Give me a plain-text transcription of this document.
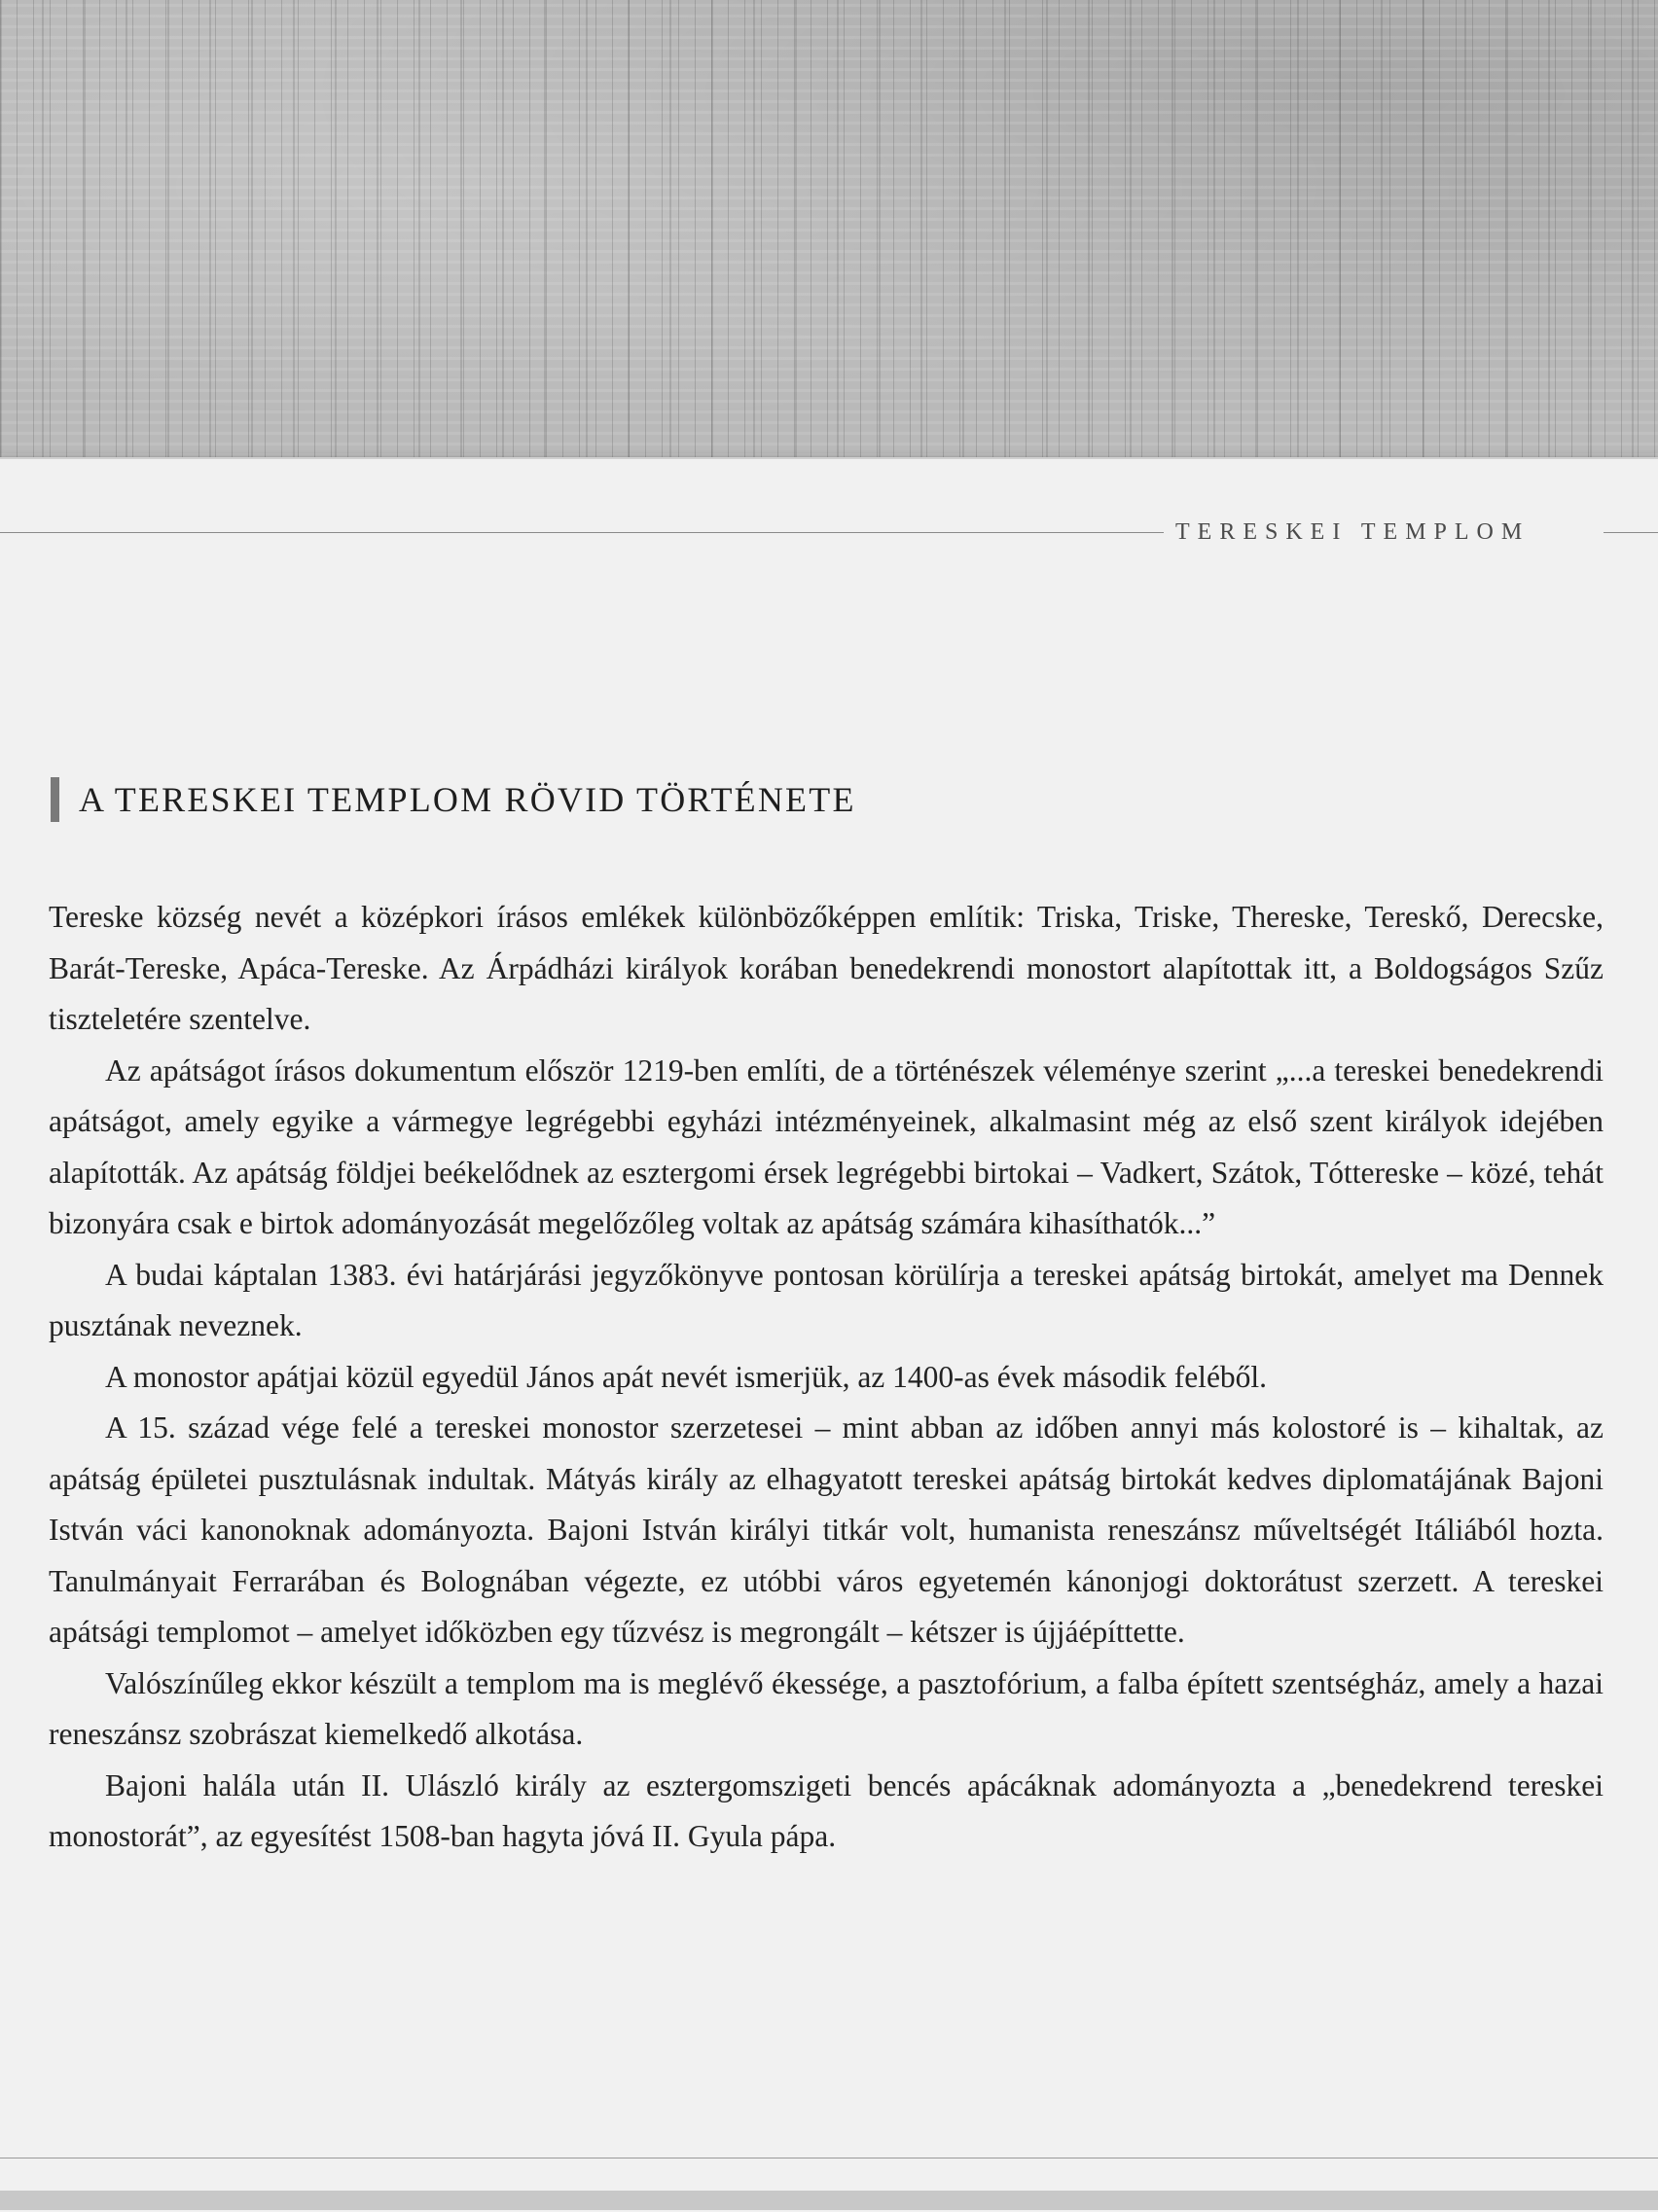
TERESKEI TEMPLOM
A TERESKEI TEMPLOM RÖVID TÖRTÉNETE

Tereske község nevét a középkori írásos emlékek különbözőképpen említik: Triska, Triske, Thereske, Tereskő, Derecske, Barát-Tereske, Apáca-Tereske. Az Árpádházi királyok korában benedekrendi monostort alapítottak itt, a Boldogságos Szűz tiszteletére szentelve.

Az apátságot írásos dokumentum először 1219-ben említi, de a történészek véleménye szerint „...a tereskei benedekrendi apátságot, amely egyike a vármegye legrégebbi egyházi intézményeinek, alkalmasint még az első szent királyok idejében alapították. Az apátság földjei beékelődnek az esztergomi érsek legrégebbi birtokai – Vadkert, Szátok, Tóttereske – közé, tehát bizonyára csak e birtok adományozását megelőzőleg voltak az apátság számára kihasíthatók...”

A budai káptalan 1383. évi határjárási jegyzőkönyve pontosan körülírja a tereskei apátság birtokát, amelyet ma Dennek pusztának neveznek.

A monostor apátjai közül egyedül János apát nevét ismerjük, az 1400-as évek második feléből.

A 15. század vége felé a tereskei monostor szerzetesei – mint abban az időben annyi más kolostoré is – kihaltak, az apátság épületei pusztulásnak indultak. Mátyás király az elhagyatott tereskei apátság birtokát kedves diplomatájának Bajoni István váci kanonoknak adományozta. Bajoni István királyi titkár volt, humanista reneszánsz műveltségét Itáliából hozta. Tanulmányait Ferrarában és Bolognában végezte, ez utóbbi város egyetemén kánonjogi doktorátust szerzett. A tereskei apátsági templomot – amelyet időközben egy tűzvész is megrongált – kétszer is újjáépíttette.

Valószínűleg ekkor készült a templom ma is meglévő ékessége, a pasztofórium, a falba épített szentségház, amely a hazai reneszánsz szobrászat kiemelkedő alkotása.

Bajoni halála után II. Ulászló király az esztergomszigeti bencés apácáknak adományozta a „benedekrend tereskei monostorát”, az egyesítést 1508-ban hagyta jóvá II. Gyula pápa.
